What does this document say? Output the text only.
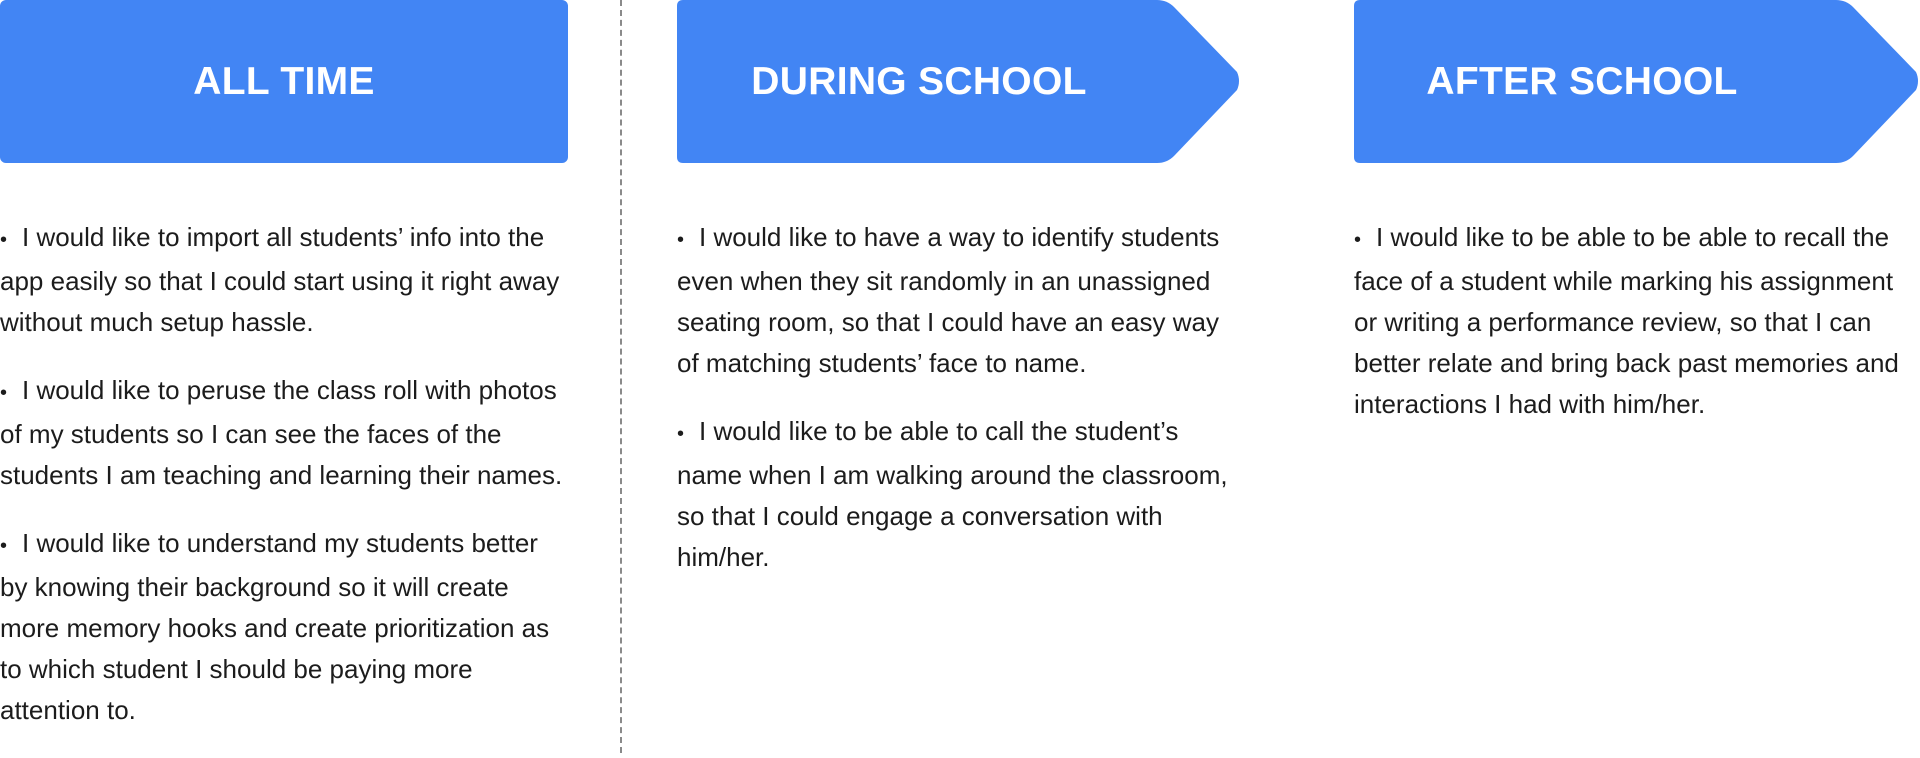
ALL TIME
• I would like to import all students’ info into the app easily so that I could start using it right away without much setup hassle.
• I would like to peruse the class roll with photos of my students so I can see the faces of the students I am teaching and learning their names.
• I would like to understand my students better by knowing their background so it will create more memory hooks and create prioritization as to which student I should be paying more attention to.
DURING SCHOOL
• I would like to have a way to identify students even when they sit randomly in an unassigned seating room, so that I could have an easy way of matching students’ face to name.
• I would like to be able to call the student’s name when I am walking around the classroom, so that I could engage a conversation with him/her.
AFTER SCHOOL
• I would like to be able to be able to recall the face of a student while marking his assignment or writing a performance review, so that I can better relate and bring back past memories and interactions I had with him/her.
